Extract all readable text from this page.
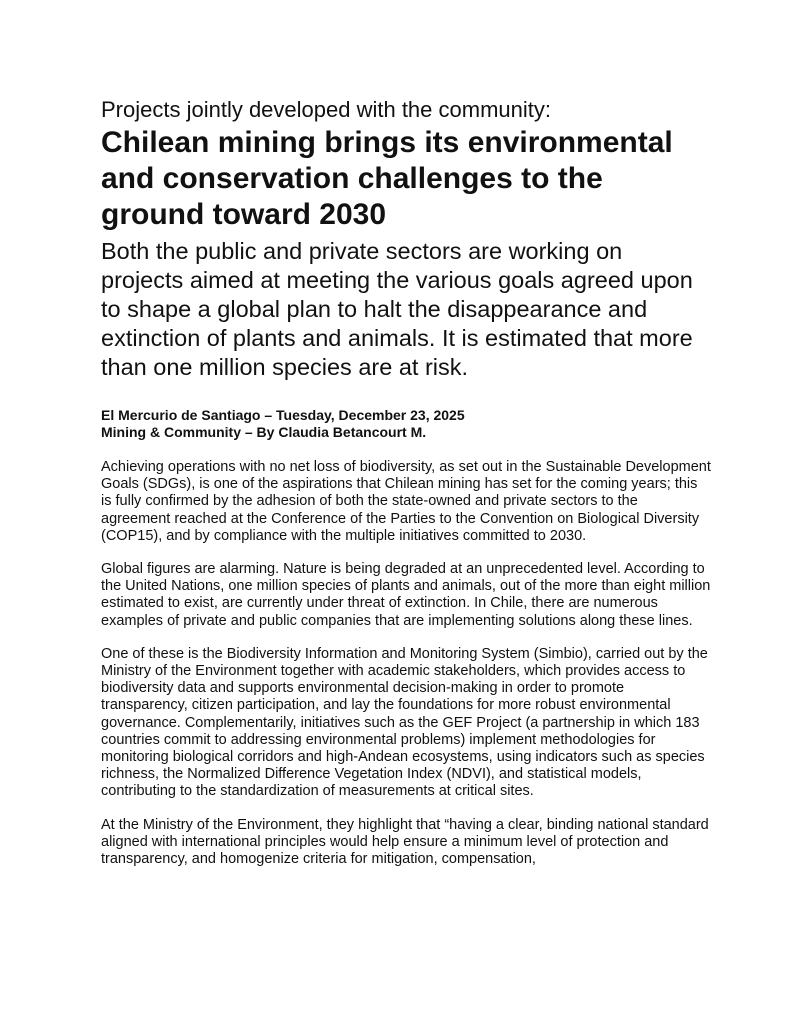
Projects jointly developed with the community:
Chilean mining brings its environmental and conservation challenges to the ground toward 2030

Both the public and private sectors are working on projects aimed at meeting the various goals agreed upon to shape a global plan to halt the disappearance and extinction of plants and animals. It is estimated that more than one million species are at risk.

El Mercurio de Santiago – Tuesday, December 23, 2025
Mining & Community – By Claudia Betancourt M.

Achieving operations with no net loss of biodiversity, as set out in the Sustainable Development Goals (SDGs), is one of the aspirations that Chilean mining has set for the coming years; this is fully confirmed by the adhesion of both the state-owned and private sectors to the agreement reached at the Conference of the Parties to the Convention on Biological Diversity (COP15), and by compliance with the multiple initiatives committed to 2030.

Global figures are alarming. Nature is being degraded at an unprecedented level. According to the United Nations, one million species of plants and animals, out of the more than eight million estimated to exist, are currently under threat of extinction. In Chile, there are numerous examples of private and public companies that are implementing solutions along these lines.

One of these is the Biodiversity Information and Monitoring System (Simbio), carried out by the Ministry of the Environment together with academic stakeholders, which provides access to biodiversity data and supports environmental decision-making in order to promote transparency, citizen participation, and lay the foundations for more robust environmental governance. Complementarily, initiatives such as the GEF Project (a partnership in which 183 countries commit to addressing environmental problems) implement methodologies for monitoring biological corridors and high-Andean ecosystems, using indicators such as species richness, the Normalized Difference Vegetation Index (NDVI), and statistical models, contributing to the standardization of measurements at critical sites.

At the Ministry of the Environment, they highlight that “having a clear, binding national standard aligned with international principles would help ensure a minimum level of protection and transparency, and homogenize criteria for mitigation, compensation,
